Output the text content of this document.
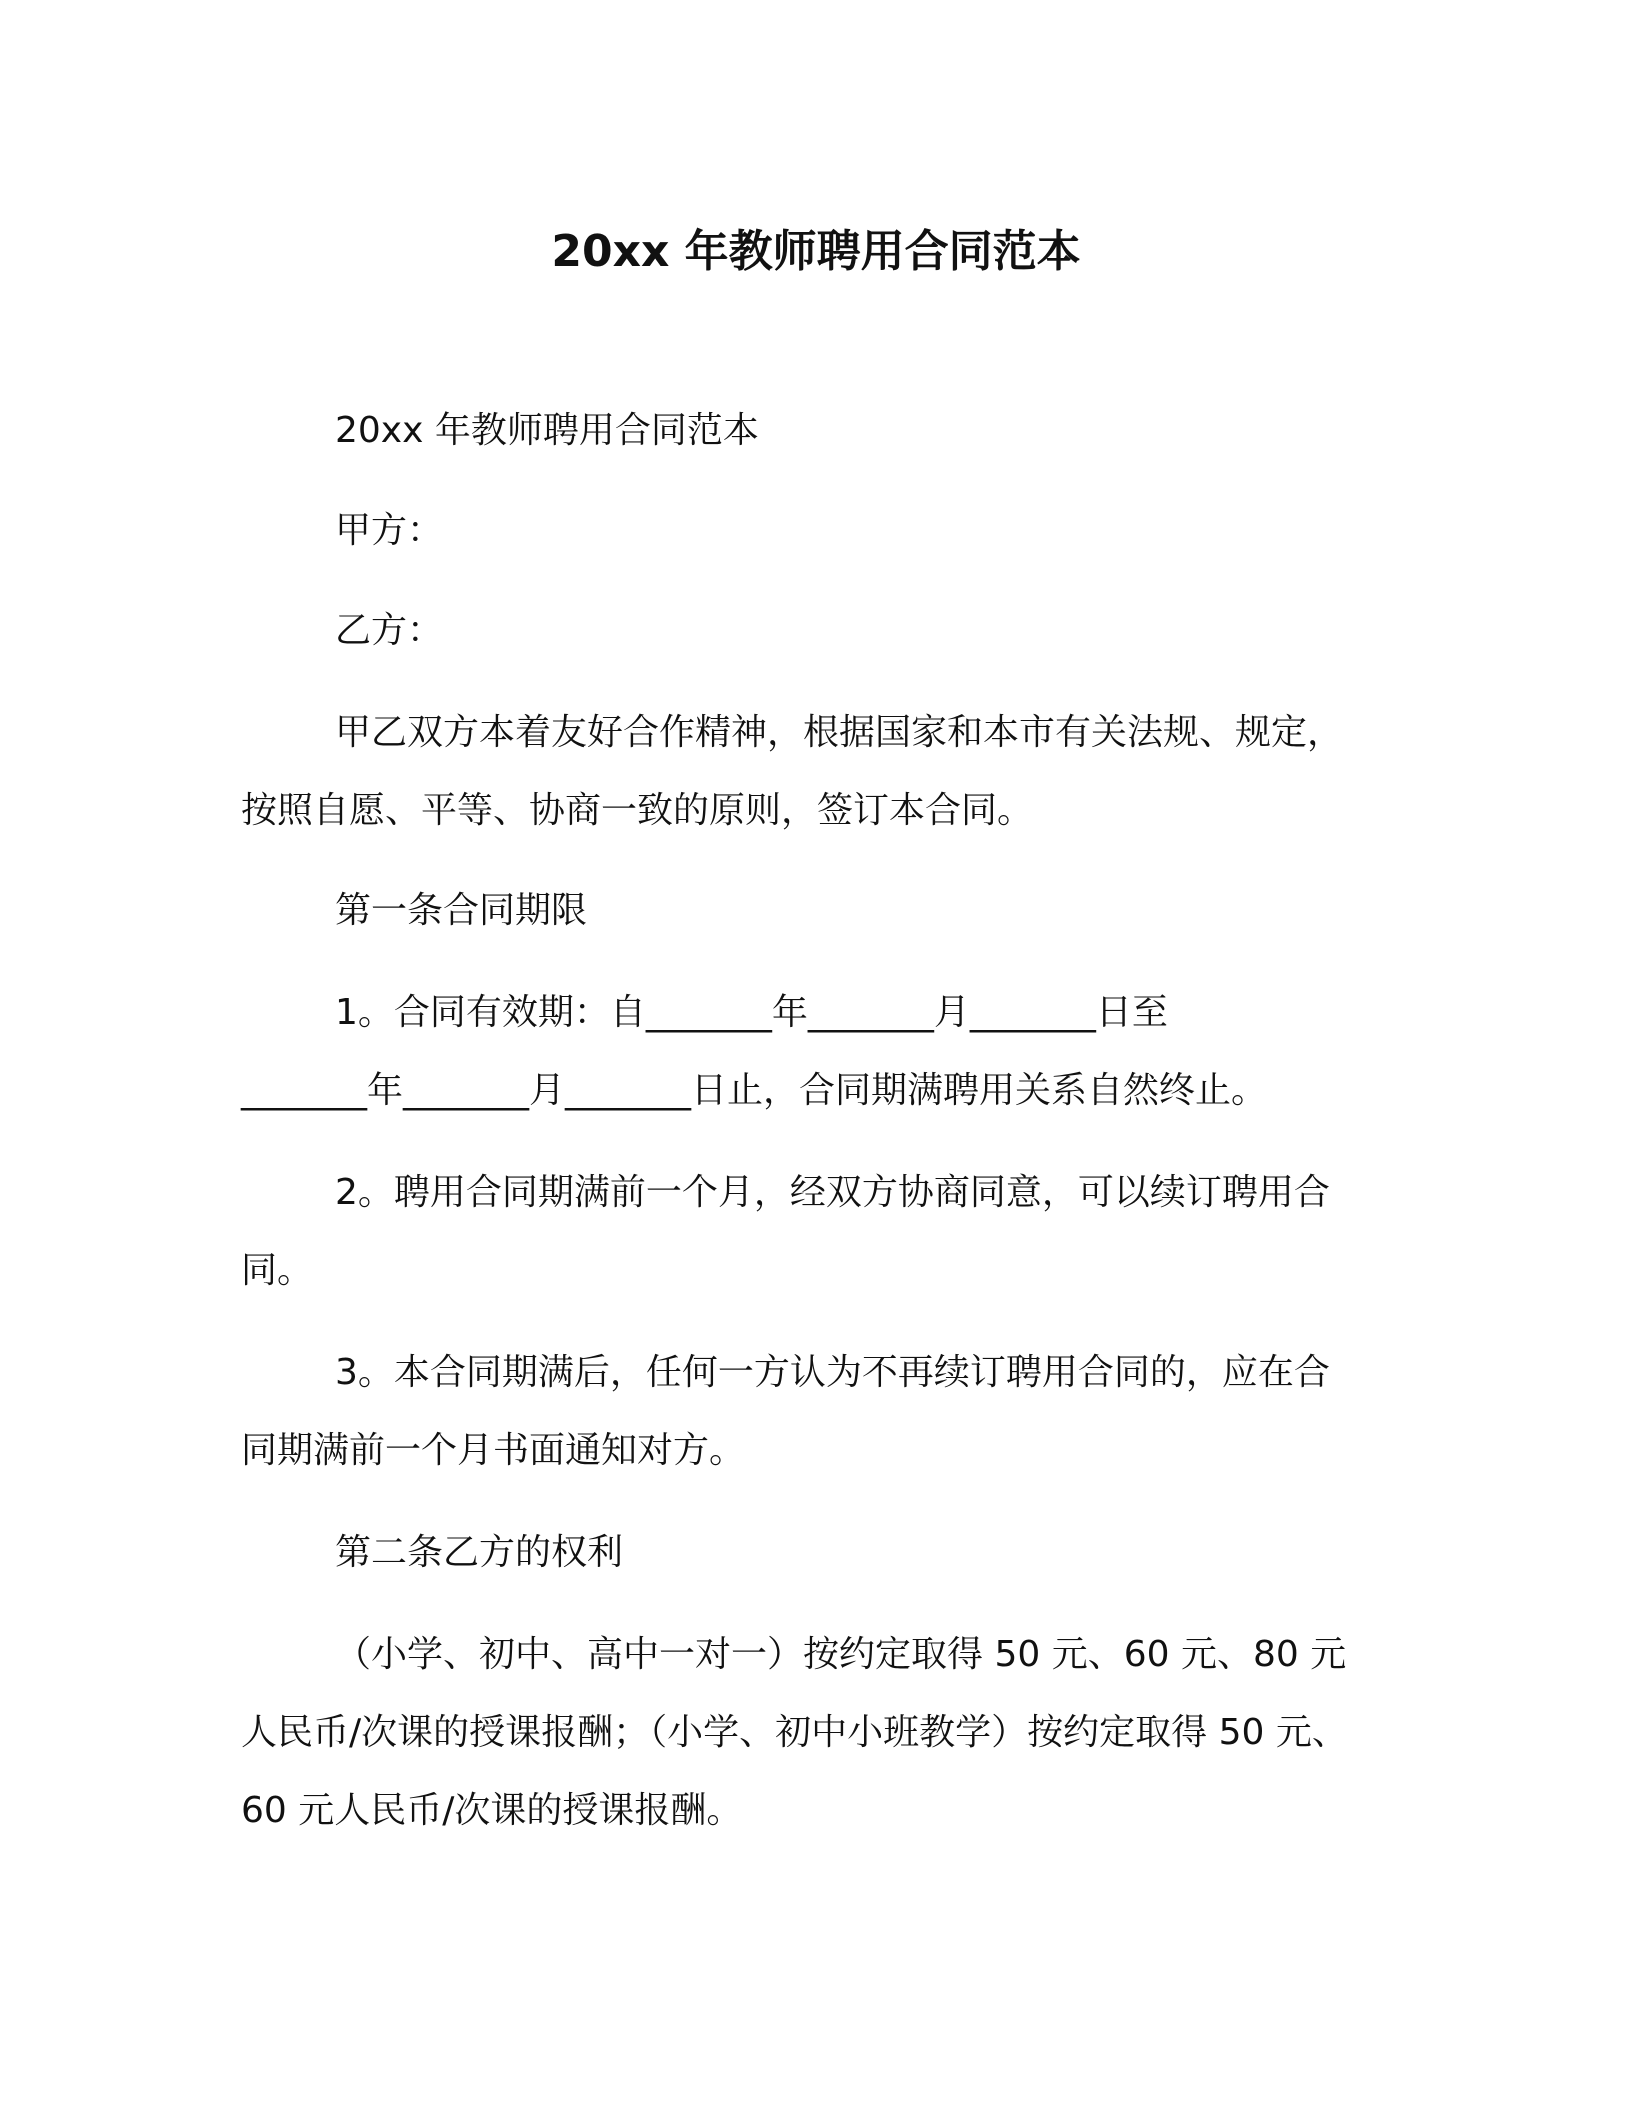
20xx 年教师聘用合同范本
20xx 年教师聘用合同范本
甲方：
乙方：
甲乙双方本着友好合作精神，根据国家和本市有关法规、规定，
按照自愿、平等、协商一致的原则，签订本合同。
第一条合同期限
1。合同有效期：自_______年_______月_______日至
_______年_______月_______日止，合同期满聘用关系自然终止。
2。聘用合同期满前一个月，经双方协商同意，可以续订聘用合
同。
3。本合同期满后，任何一方认为不再续订聘用合同的，应在合
同期满前一个月书面通知对方。
第二条乙方的权利
（小学、初中、高中一对一）按约定取得 50 元、60 元、80 元
人民币/次课的授课报酬；（小学、初中小班教学）按约定取得 50 元、
60 元人民币/次课的授课报酬。
